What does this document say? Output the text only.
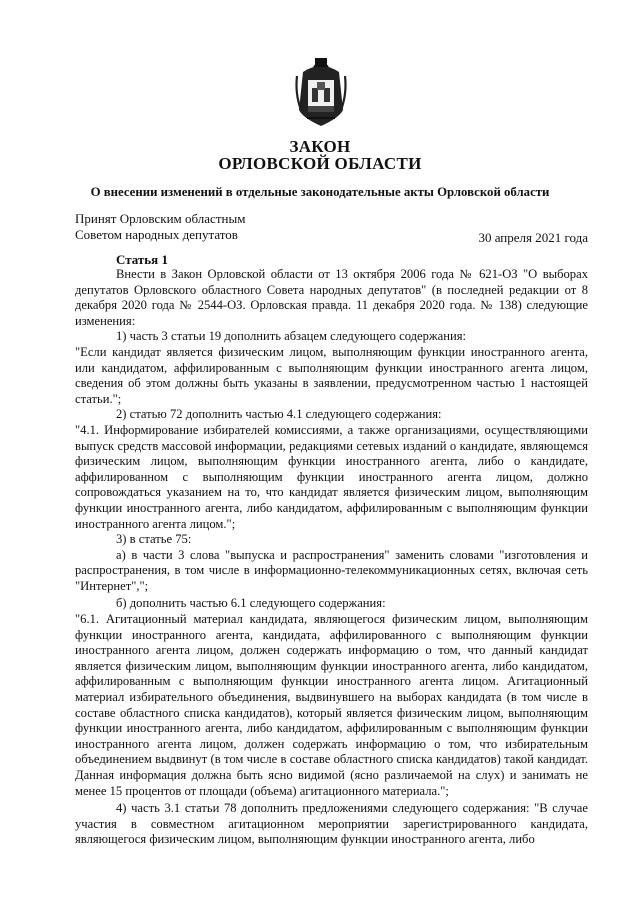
ЗАКОН
ОРЛОВСКОЙ ОБЛАСТИ
О внесении изменений в отдельные законодательные акты Орловской области
Принят Орловским областным
Советом народных депутатов	30 апреля 2021 года
Статья 1

Внести в Закон Орловской области от 13 октября 2006 года № 621-ОЗ "О выборах депутатов Орловского областного Совета народных депутатов" (в последней редакции от 8 декабря 2020 года № 2544-ОЗ. Орловская правда. 11 декабря 2020 года. № 138) следующие изменения:

1) часть 3 статьи 19 дополнить абзацем следующего содержания:

"Если кандидат является физическим лицом, выполняющим функции иностранного агента, или кандидатом, аффилированным с выполняющим функции иностранного агента лицом, сведения об этом должны быть указаны в заявлении, предусмотренном частью 1 настоящей статьи.";

2) статью 72 дополнить частью 4.1 следующего содержания:

"4.1. Информирование избирателей комиссиями, а также организациями, осуществляющими выпуск средств массовой информации, редакциями сетевых изданий о кандидате, являющемся физическим лицом, выполняющим функции иностранного агента, либо о кандидате, аффилированном с выполняющим функции иностранного агента лицом, должно сопровождаться указанием на то, что кандидат является физическим лицом, выполняющим функции иностранного агента, либо кандидатом, аффилированным с выполняющим функции иностранного агента лицом.";

3) в статье 75:

а) в части 3 слова "выпуска и распространения" заменить словами "изготовления и распространения, в том числе в информационно-телекоммуникационных сетях, включая сеть "Интернет",";

б) дополнить частью 6.1 следующего содержания:

"6.1. Агитационный материал кандидата, являющегося физическим лицом, выполняющим функции иностранного агента, кандидата, аффилированного с выполняющим функции иностранного агента лицом, должен содержать информацию о том, что данный кандидат является физическим лицом, выполняющим функции иностранного агента, либо кандидатом, аффилированным с выполняющим функции иностранного агента лицом. Агитационный материал избирательного объединения, выдвинувшего на выборах кандидата (в том числе в составе областного списка кандидатов), который является физическим лицом, выполняющим функции иностранного агента, либо кандидатом, аффилированным с выполняющим функции иностранного агента лицом, должен содержать информацию о том, что избирательным объединением выдвинут (в том числе в составе областного списка кандидатов) такой кандидат. Данная информация должна быть ясно видимой (ясно различаемой на слух) и занимать не менее 15 процентов от площади (объема) агитационного материала.";

4) часть 3.1 статьи 78 дополнить предложениями следующего содержания: "В случае участия в совместном агитационном мероприятии зарегистрированного кандидата, являющегося физическим лицом, выполняющим функции иностранного агента, либо
